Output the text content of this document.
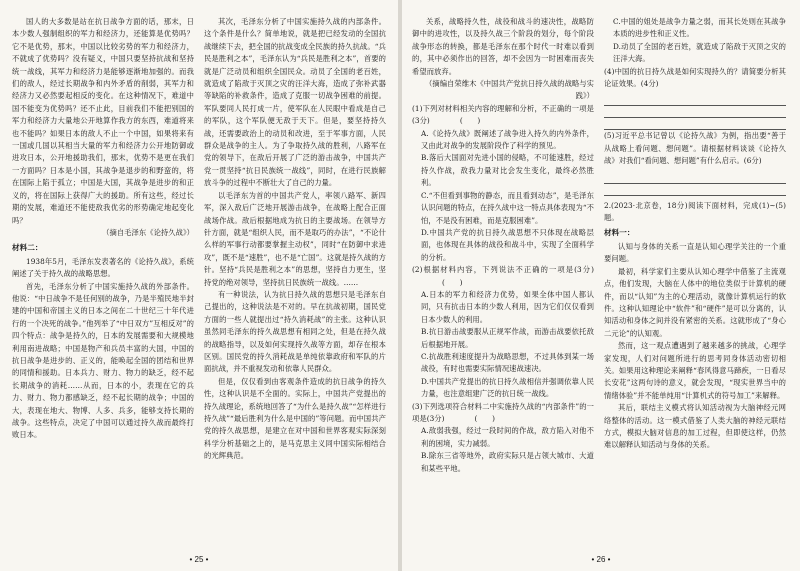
国人的大多数是站在抗日战争方面的话，那末，日本少数人强制组织的军力和经济力，还能算是优势吗？它不是优势，那末，中国以比较劣势的军力和经济力，不就成了优势吗？没有疑义，中国只要坚持抗战和坚持统一战线，其军力和经济力是能够逐渐地加强的。而我们的敌人，经过长期战争和内外矛盾的削弱，其军力和经济力又必然要起相反的变化。在这种情况下，难道中国不能变为优势吗？还不止此，目前我们不能把别国的军力和经济力大量地公开地算作我方的东西，难道将来也不能吗？如果日本的敌人不止一个中国，如果将来有一国或几国以其相当大量的军力和经济力公开地防御或进攻日本，公开地援助我们，那末，优势不是更在我们一方面吗？日本是小国，其战争是退步的和野蛮的，将在国际上陷于孤立；中国是大国，其战争是进步的和正义的，将在国际上获得广大的援助。所有这些，经过长期的发展，难道还不能使敌我优劣的形势确定地起变化吗？

（摘自毛泽东《论持久战》）

材料二：

1938年5月，毛泽东发表著名的《论持久战》，系统阐述了关于持久战的战略思想。

首先，毛泽东分析了中国实施持久战的外部条件。他说：“中日战争不是任何别的战争，乃是半殖民地半封建的中国和帝国主义的日本之间在二十世纪三十年代进行的一个决死的战争。”他列举了“中日双方”互相反对”的四个特点：战争是持久的，日本的发展需要和大规模地利用南进战略；中国是物产和兵员丰富的大国，中国的抗日战争是进步的、正义的，能唤起全国的团结和世界的同情和援助。日本兵力、财力、物力的缺乏，经不起长期战争的消耗……从而，日本的小，表现在它的兵力、财力、物力都感缺乏，经不起长期的战争；中国的大，表现在地大、物博、人多、兵多，能够支持长期的战争。这些特点，决定了中国可以通过持久战而最终打败日本。

其次，毛泽东分析了中国实施持久战的内部条件。这个条件是什么？简单地说，就是把已经发动的全国抗战继续下去，把全国的抗战变成全民族的持久抗战。“兵民是胜利之本”，毛泽东认为“兵民是胜利之本”，首要的就是广泛动员和组织全国民众。动员了全国的老百姓，就造成了陷敌于灭顶之灾的汪洋大海，造成了弥补武器等缺陷的补救条件，造成了克服一切战争困难的前提。军队要同人民打成一片，使军队在人民眼中看成是自己的军队，这个军队便无敌于天下。但是，要坚持持久战，还需要政治上的动员和改进，至于军事方面，人民群众是战争的主人。为了争取持久战的胜利，八路军在党的领导下，在敌后开展了广泛的游击战争，中国共产党一贯坚持“抗日民族统一战线”，同时，在进行民族解放斗争的过程中不断壮大了自己的力量。

以毛泽东为首的中国共产党人，率领八路军、新四军，深入敌后广泛地开展游击战争，在战略上配合正面战场作战。敌后根据地成为抗日的主要战场。在领导方针方面，就是“组织人民，而不是取巧的办法”，“不论什么样的军事行动都要掌握主动权”，同时“在防御中求进攻”，既不是“速胜”，也不是“亡国”。这就是持久战的方针。坚持“兵民是胜利之本”的思想，坚持自力更生，坚持党的绝对领导，坚持抗日民族统一战线。……

有一种说法，认为抗日持久战的思想只是毛泽东自己提出的，这种说法是不对的。早在抗战初期，国民党方面的一些人就提出过“持久消耗战”的主张。这种认识虽然同毛泽东的持久战思想有相同之处，但是在持久战的战略指导，以及如何实现持久战等方面，却存在根本区别。国民党的持久消耗战是单纯依靠政府和军队的片面抗战，并不重视发动和依靠人民群众。

但是，仅仅看到由客观条件造成的抗日战争的持久性，这种认识是不全面的。实际上，中国共产党提出的持久战理论，系统地回答了“为什么是持久战”“怎样进行持久战”“最后胜利为什么是中国的”等问题。而中国共产党的持久战思想，是建立在对中国和世界客观实际深刻科学分析基础之上的，是马克思主义同中国实际相结合的光辉典范。

• 25 •

关系，战略持久性，战役和战斗的速决性，战略防御中的进攻性，以及持久战三个阶段的划分，每个阶段战争形态的转换，都是毛泽东在那个时代一时难以看到的，其中必须作出的回答，却不会因为一时困难而丧失希望而放弃。

（摘编自荣维木《中国共产党抗日持久战的战略与实践》）

(1)下列对材料相关内容的理解和分析，不正确的一项是(3分)	(　　)

A.《论持久战》既阐述了战争进入持久的内外条件，又由此对战争的发展阶段作了科学的预见。

B.落后大国面对先进小国的侵略，不可能速胜，经过持久作战，敌我力量对比会发生变化，最终必然胜利。

C.“不但看到事物的静态，而且看到动态”，是毛泽东认识问题的特点，在持久战中这一特点具体表现为“不怕，不是没有困难，而是克服困难”。

D.中国共产党的抗日持久战思想不只体现在战略层面，也体现在具体的战役和战斗中，实现了全面科学的分析。

(2)根据材料内容，下列说法不正确的一项是(3分)(　　)

A.日本的军力和经济力优势，如果全体中国人都认同，只有抗击日本的少数人利用，因为它们仅仅看到日本少数人的利用。

B.抗日游击战要服从正规军作战，而游击战要依托敌后根据地开展。

C.抗战胜利速度提升为战略思想，不过具体到某一场战役，有时也需要实际情况速战速决。

D.中国共产党提出的抗日持久战相信并强调依靠人民力量，也注意组建广泛的抗日统一战线。

(3)下列选项符合材料二中实施持久战的“内部条件”的一项是(3分)	(　　)

A.敌弱我强，经过一段时间的作战，敌方陷入对他不利的困境，实力减弱。

B.除东三省等地外，政府实际只是占领大城市、大道和某些平地。

C.中国的姐处是战争力量之弱，而其长处则在其战争本质的进步性和正义性。

D.动员了全国的老百姓，就造成了陷敌于灭顶之灾的汪洋大海。

(4)中国的抗日持久战是如何实现持久的？请简要分析其论证效果。(4分)

(5)习近平总书记曾以《论持久战》为例，指出要“善于从战略上看问题、想问题”。请根据材料谈谈《论持久战》对我们“看问题、想问题”有什么启示。(6分)

2.(2023·北京卷，18分)阅读下面材料，完成(1)~(5)题。

材料一：

认知与身体的关系一直是认知心理学关注的一个重要问题。

最初，科学家们主要从认知心理学中借鉴了主流观点，他们发现，大脑在人体中的地位类似于计算机的硬件，而以“认知”为主的心理活动，就像计算机运行的软件。这种认知理论中“软件”和“硬件”是可以分离的，认知活动和身体之间并没有紧密的关系。这就形成了“身心二元论”的认知观。

然而，这一观点遭遇到了越来越多的挑战，心理学家发现，人们对问题所进行的思考同身体活动密切相关。如果用这种理论来阐释“春风得意马蹄疾，一日看尽长安花”这两句诗的意义，就会发现，“现实世界当中的情绪体验”并不能单纯用“计算机式的符号加工”来解释。

其后，联结主义模式将认知活动视为大脑神经元网络整体的活动。这一模式借鉴了人类大脑的神经元联结方式，模拟大脑对信息的加工过程，但即使这样，仍然难以解释认知活动与身体的关系。

• 26 •
